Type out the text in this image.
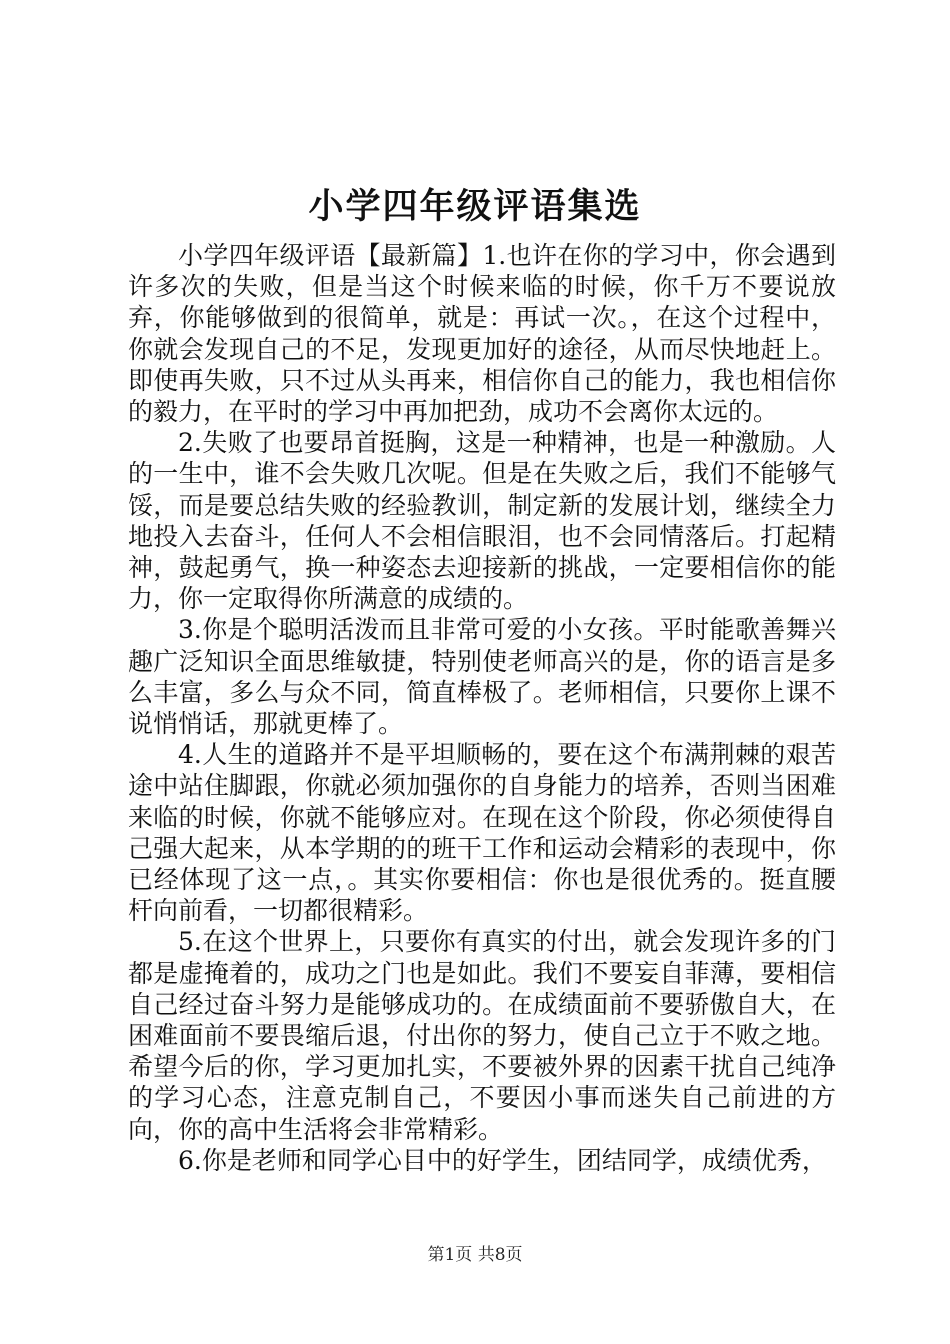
小学四年级评语集选

小学四年级评语【最新篇】1.也许在你的学习中，你会遇到许多次的失败，但是当这个时候来临的时候，你千万不要说放弃，你能够做到的很简单，就是：再试一次。，在这个过程中，你就会发现自己的不足，发现更加好的途径，从而尽快地赶上。即使再失败，只不过从头再来，相信你自己的能力，我也相信你的毅力，在平时的学习中再加把劲，成功不会离你太远的。

2.失败了也要昂首挺胸，这是一种精神，也是一种激励。人的一生中，谁不会失败几次呢。但是在失败之后，我们不能够气馁，而是要总结失败的经验教训，制定新的发展计划，继续全力地投入去奋斗，任何人不会相信眼泪，也不会同情落后。打起精神，鼓起勇气，换一种姿态去迎接新的挑战，一定要相信你的能力，你一定取得你所满意的成绩的。

3.你是个聪明活泼而且非常可爱的小女孩。平时能歌善舞兴趣广泛知识全面思维敏捷，特别使老师高兴的是，你的语言是多么丰富，多么与众不同，简直棒极了。老师相信，只要你上课不说悄悄话，那就更棒了。

4.人生的道路并不是平坦顺畅的，要在这个布满荆棘的艰苦途中站住脚跟，你就必须加强你的自身能力的培养，否则当困难来临的时候，你就不能够应对。在现在这个阶段，你必须使得自己强大起来，从本学期的的班干工作和运动会精彩的表现中，你已经体现了这一点，。其实你要相信：你也是很优秀的。挺直腰杆向前看，一切都很精彩。

5.在这个世界上，只要你有真实的付出，就会发现许多的门都是虚掩着的，成功之门也是如此。我们不要妄自菲薄，要相信自己经过奋斗努力是能够成功的。在成绩面前不要骄傲自大，在困难面前不要畏缩后退，付出你的努力，使自己立于不败之地。希望今后的你，学习更加扎实，不要被外界的因素干扰自己纯净的学习心态，注意克制自己，不要因小事而迷失自己前进的方向，你的高中生活将会非常精彩。

6.你是老师和同学心目中的好学生，团结同学，成绩优秀，

第1页 共8页
